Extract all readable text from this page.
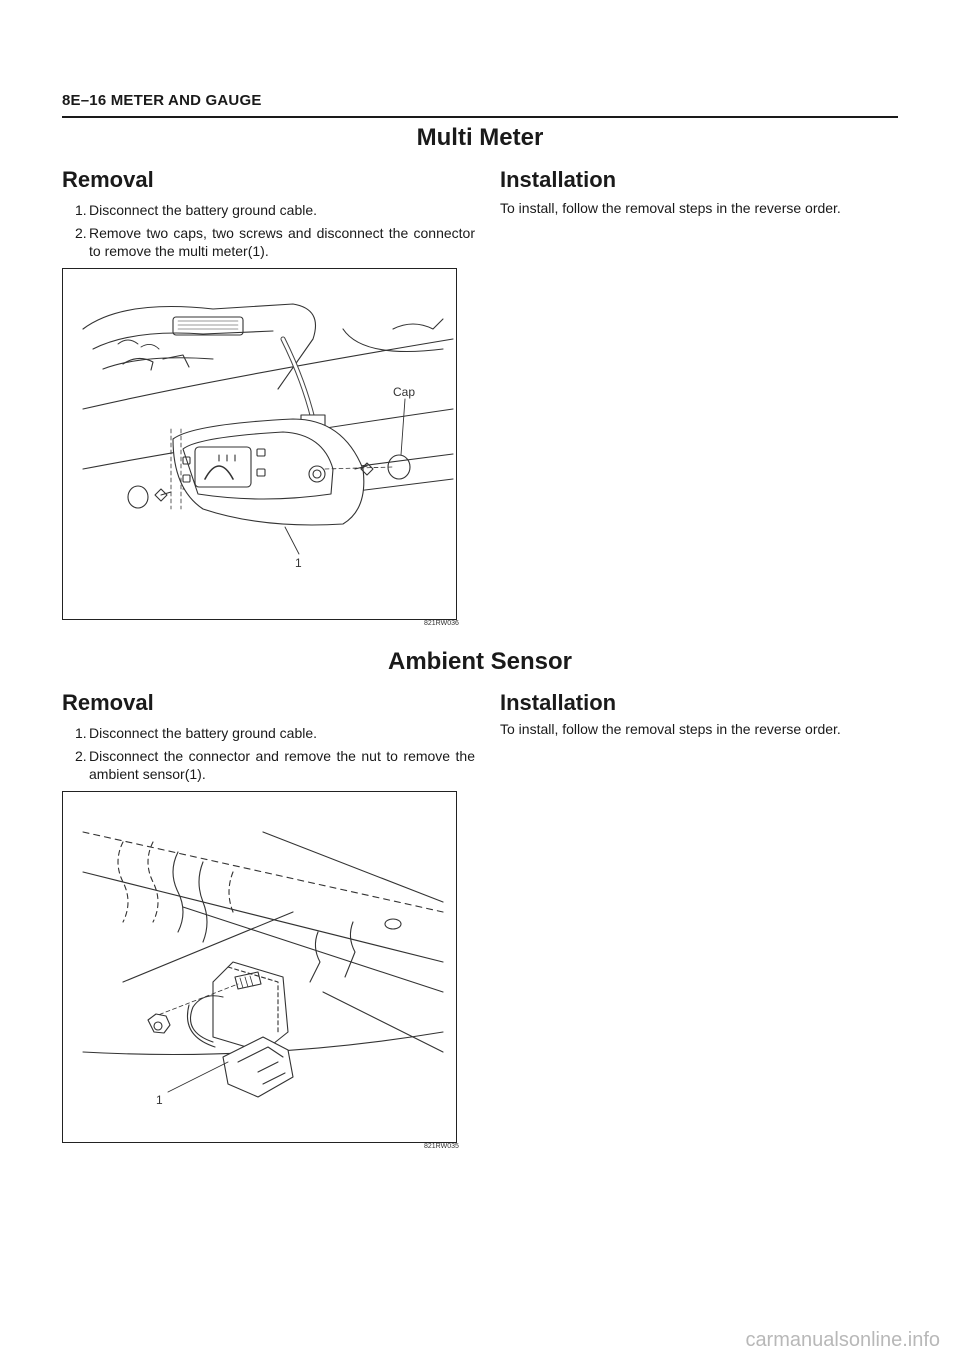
8E–16 METER AND GAUGE
Multi Meter
Removal
1. Disconnect the battery ground cable.
2. Remove two caps, two screws and disconnect the connector to remove the multi meter(1).
Installation
To install, follow the removal steps in the reverse order.
Cap
1
821RW036
Ambient Sensor
Removal
1. Disconnect the battery ground cable.
2. Disconnect the connector and remove the nut to remove the ambient sensor(1).
Installation
To install, follow the removal steps in the reverse order.
1
821RW035
carmanualsonline.info
